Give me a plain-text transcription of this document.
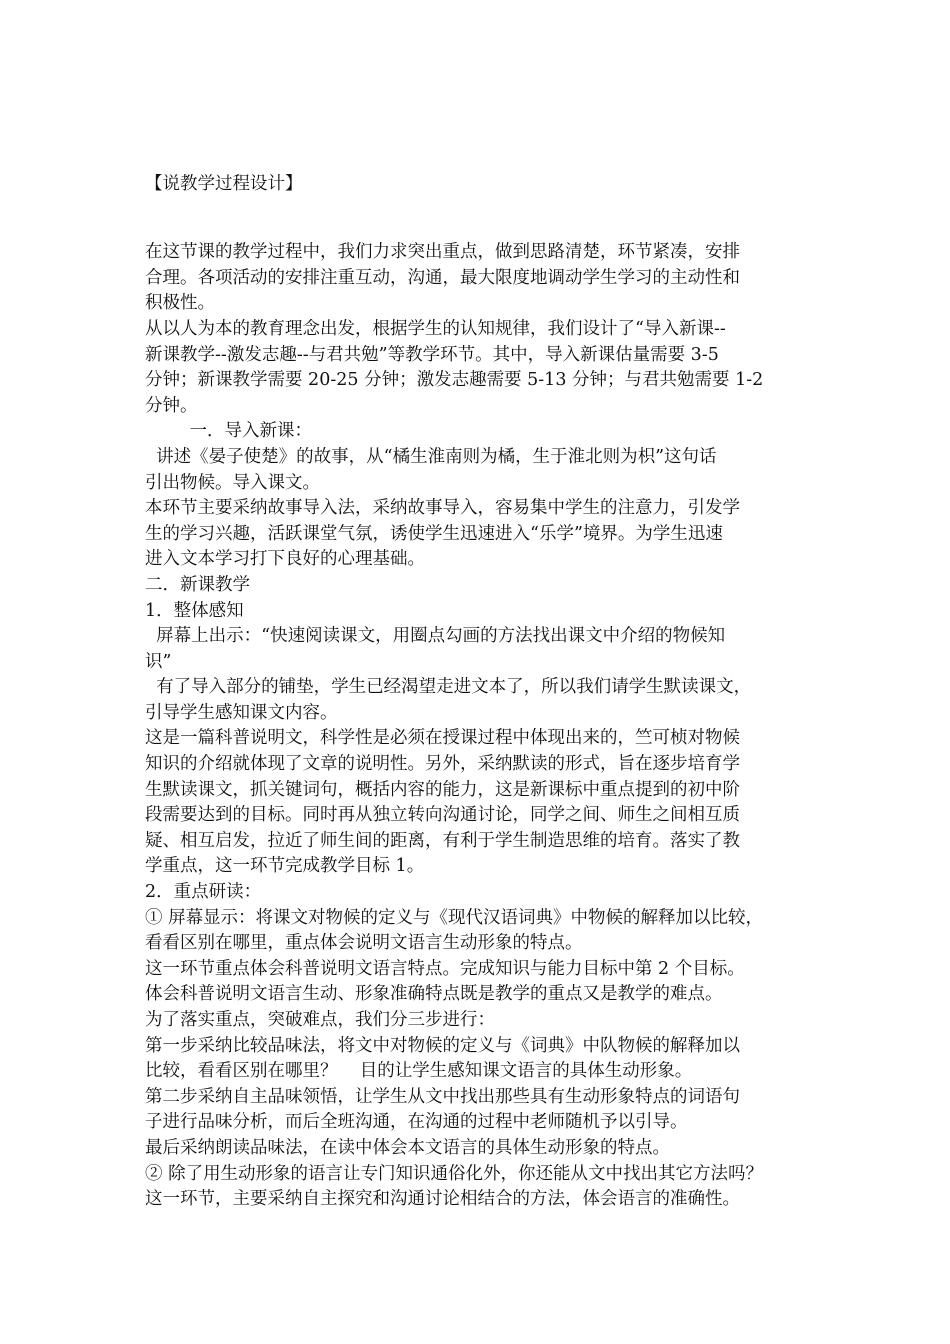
【说教学过程设计】
在这节课的教学过程中，我们力求突出重点，做到思路清楚，环节紧凑，安排
合理。各项活动的安排注重互动，沟通，最大限度地调动学生学习的主动性和
积极性。
从以人为本的教育理念出发，根据学生的认知规律，我们设计了“导入新课--
新课教学--激发志趣--与君共勉”等教学环节。其中，导入新课估量需要 3-5
分钟；新课教学需要 20-25 分钟；激发志趣需要 5-13 分钟；与君共勉需要 1-2
分钟。
一．导入新课：
讲述《晏子使楚》的故事，从“橘生淮南则为橘，生于淮北则为枳”这句话
引出物候。导入课文。
本环节主要采纳故事导入法，采纳故事导入，容易集中学生的注意力，引发学
生的学习兴趣，活跃课堂气氛，诱使学生迅速进入“乐学”境界。为学生迅速
进入文本学习打下良好的心理基础。
二．新课教学
1．整体感知
屏幕上出示：“快速阅读课文，用圈点勾画的方法找出课文中介绍的物候知
识”
有了导入部分的铺垫，学生已经渴望走进文本了，所以我们请学生默读课文，
引导学生感知课文内容。
这是一篇科普说明文，科学性是必须在授课过程中体现出来的，竺可桢对物候
知识的介绍就体现了文章的说明性。另外，采纳默读的形式，旨在逐步培育学
生默读课文，抓关键词句，概括内容的能力，这是新课标中重点提到的初中阶
段需要达到的目标。同时再从独立转向沟通讨论，同学之间、师生之间相互质
疑、相互启发，拉近了师生间的距离，有利于学生制造思维的培育。落实了教
学重点，这一环节完成教学目标 1。
2．重点研读：
① 屏幕显示：将课文对物候的定义与《现代汉语词典》中物候的解释加以比较，
看看区别在哪里，重点体会说明文语言生动形象的特点。
这一环节重点体会科普说明文语言特点。完成知识与能力目标中第 2 个目标。
体会科普说明文语言生动、形象准确特点既是教学的重点又是教学的难点。
为了落实重点，突破难点，我们分三步进行：
第一步采纳比较品味法，将文中对物候的定义与《词典》中队物候的解释加以
比较，看看区别在哪里？    目的让学生感知课文语言的具体生动形象。
第二步采纳自主品味领悟，让学生从文中找出那些具有生动形象特点的词语句
子进行品味分析，而后全班沟通，在沟通的过程中老师随机予以引导。
最后采纳朗读品味法，在读中体会本文语言的具体生动形象的特点。
② 除了用生动形象的语言让专门知识通俗化外，你还能从文中找出其它方法吗？
这一环节，主要采纳自主探究和沟通讨论相结合的方法，体会语言的准确性。
